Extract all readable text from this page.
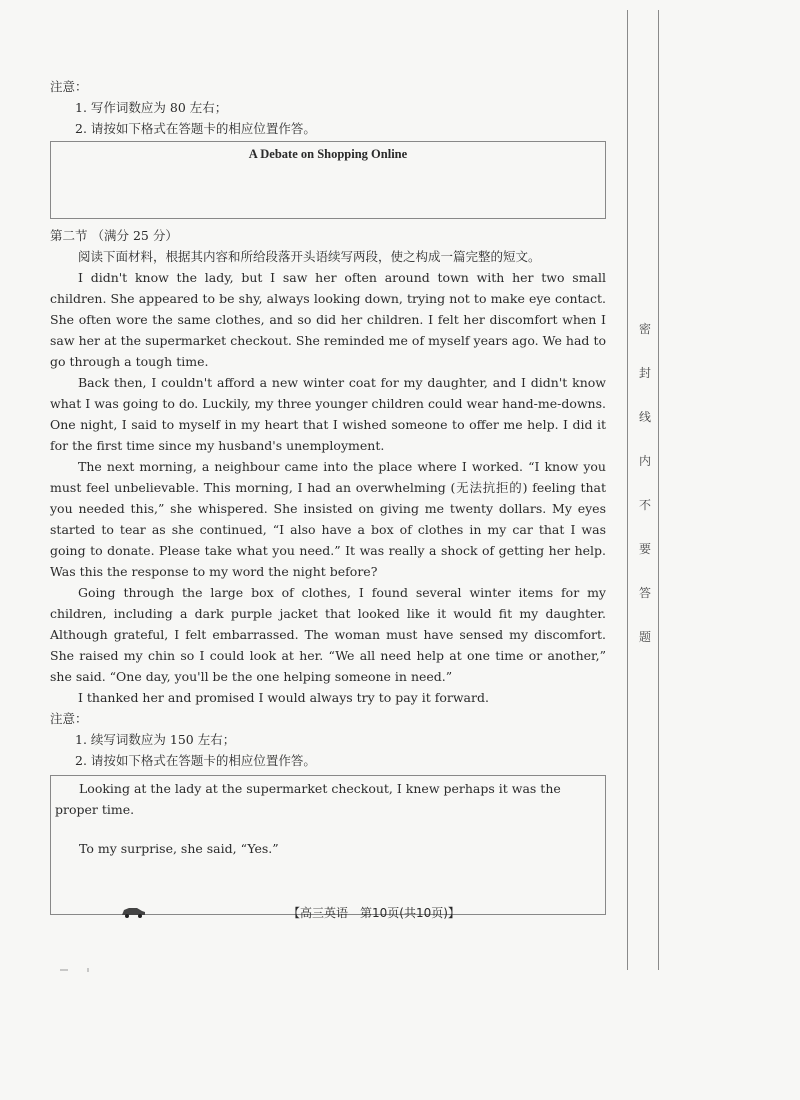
注意：

1. 写作词数应为 80 左右；

2. 请按如下格式在答题卡的相应位置作答。

A Debate on Shopping Online

第二节 （满分 25 分）

阅读下面材料，根据其内容和所给段落开头语续写两段，使之构成一篇完整的短文。

I didn't know the lady, but I saw her often around town with her two small children. She appeared to be shy, always looking down, trying not to make eye contact. She often wore the same clothes, and so did her children. I felt her discomfort when I saw her at the supermarket checkout. She reminded me of myself years ago. We had to go through a tough time.

Back then, I couldn't afford a new winter coat for my daughter, and I didn't know what I was going to do. Luckily, my three younger children could wear hand-me-downs. One night, I said to myself in my heart that I wished someone to offer me help. I did it for the first time since my husband's unemployment.

The next morning, a neighbour came into the place where I worked. “I know you must feel unbelievable. This morning, I had an overwhelming (无法抗拒的) feeling that you needed this,” she whispered. She insisted on giving me twenty dollars. My eyes started to tear as she continued, “I also have a box of clothes in my car that I was going to donate. Please take what you need.” It was really a shock of getting her help. Was this the response to my word the night before?

Going through the large box of clothes, I found several winter items for my children, including a dark purple jacket that looked like it would fit my daughter. Although grateful, I felt embarrassed. The woman must have sensed my discomfort. She raised my chin so I could look at her. “We all need help at one time or another,” she said. “One day, you'll be the one helping someone in need.”

I thanked her and promised I would always try to pay it forward.

注意：

1. 续写词数应为 150 左右；

2. 请按如下格式在答题卡的相应位置作答。

Looking at the lady at the supermarket checkout, I knew perhaps it was the proper time.

To my surprise, she said, “Yes.”

密
封
线
内
不
要
答
题
【高三英语　第10页(共10页)】
